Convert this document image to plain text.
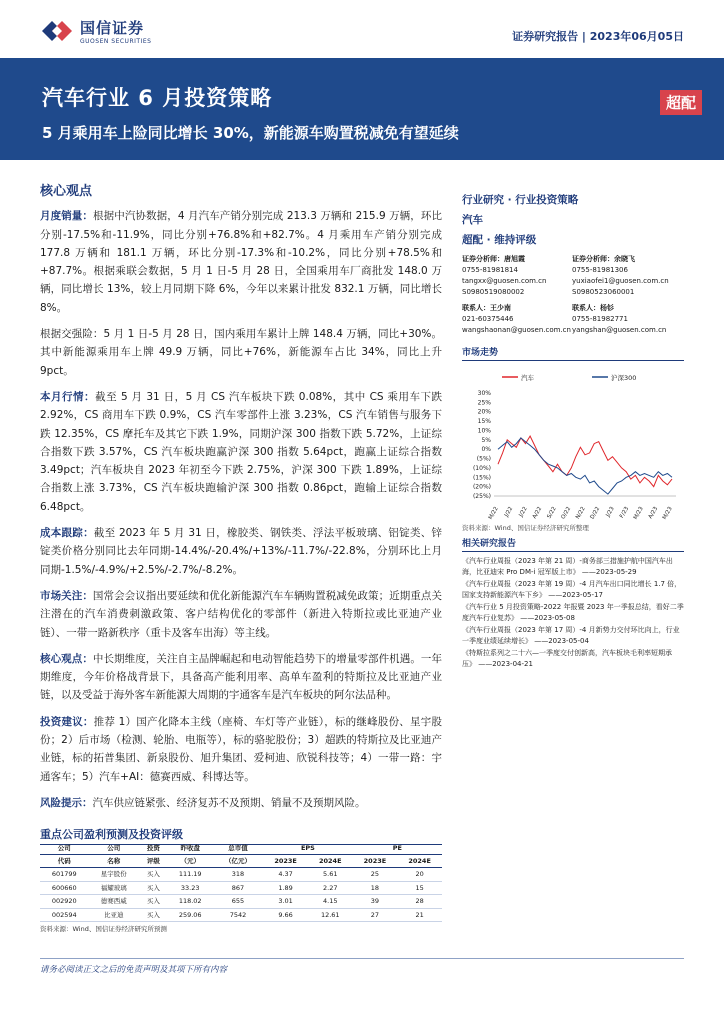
国信证券
GUOSEN SECURITIES	证券研究报告 | 2023年06月05日
汽车行业 6 月投资策略
5 月乘用车上险同比增长 30%，新能源车购置税减免有望延续
超配
核心观点
月度销量：根据中汽协数据，4 月汽车产销分别完成 213.3 万辆和 215.9 万辆，环比分别-17.5%和-11.9%，同比分别+76.8%和+82.7%。4 月乘用车产销分别完成 177.8 万辆和 181.1 万辆，环比分别-17.3%和-10.2%，同比分别+78.5%和+87.7%。根据乘联会数据，5 月 1 日-5 月 28 日，全国乘用车厂商批发 148.0 万辆，同比增长 13%，较上月同期下降 6%，今年以来累计批发 832.1 万辆，同比增长 8%。
根据交强险：5 月 1 日-5 月 28 日，国内乘用车累计上牌 148.4 万辆，同比+30%。其中新能源乘用车上牌 49.9 万辆，同比+76%，新能源车占比 34%，同比上升 9pct。
本月行情：截至 5 月 31 日，5 月 CS 汽车板块下跌 0.08%，其中 CS 乘用车下跌 2.92%，CS 商用车下跌 0.9%，CS 汽车零部件上涨 3.23%，CS 汽车销售与服务下跌 12.35%，CS 摩托车及其它下跌 1.9%，同期沪深 300 指数下跌 5.72%，上证综合指数下跌 3.57%，CS 汽车板块跑赢沪深 300 指数 5.64pct，跑赢上证综合指数 3.49pct；汽车板块自 2023 年初至今下跌 2.75%，沪深 300 下跌 1.89%，上证综合指数上涨 3.73%，CS 汽车板块跑输沪深 300 指数 0.86pct，跑输上证综合指数 6.48pct。
成本跟踪：截至 2023 年 5 月 31 日，橡胶类、钢铁类、浮法平板玻璃、铝锭类、锌锭类价格分别同比去年同期-14.4%/-20.4%/+13%/-11.7%/-22.8%，分别环比上月同期-1.5%/-4.9%/+2.5%/-2.7%/-8.2%。
市场关注：国常会会议指出要延续和优化新能源汽车车辆购置税减免政策；近期重点关注潜在的汽车消费刺激政策、客户结构优化的零部件（新进入特斯拉或比亚迪产业链）、一带一路新秩序（重卡及客车出海）等主线。
核心观点：中长期维度，关注自主品牌崛起和电动智能趋势下的增量零部件机遇。一年期维度，今年价格战背景下，具备高产能利用率、高单车盈利的特斯拉及比亚迪产业链，以及受益于海外客车新能源大周期的宇通客车是汽车板块的阿尔法品种。
投资建议：推荐 1）国产化降本主线（座椅、车灯等产业链），标的继峰股份、星宇股份；2）后市场（检测、轮胎、电瓶等），标的骆驼股份；3）超跌的特斯拉及比亚迪产业链，标的拓普集团、新泉股份、旭升集团、爱柯迪、欣锐科技等；4）一带一路：宇通客车；5）汽车+AI：德赛西威、科博达等。
风险提示：汽车供应链紧张、经济复苏不及预期、销量不及预期风险。
行业研究 · 行业投资策略
汽车
超配 · 维持评级
证券分析师：唐旭霞
0755-81981814
tangxx@guosen.com.cn
S0980519080002
证券分析师：余晓飞
0755-81981306
yuxiaofei1@guosen.com.cn
S0980523060001
联系人：王少南
021-60375446
wangshaonan@guosen.com.cn
联系人：杨钐
0755-81982771
yangshan@guosen.com.cn
市场走势
汽车	沪深300
30%
25%
20%
15%
10%
5%
0%
(5%)
(10%)
(15%)
(20%)
(25%)
M/22 J/22 J/22 A/22 S/22 O/22 N/22 D/22 J/23 F/23 M/23 A/23 M/23
资料来源：Wind、国信证券经济研究所整理
相关研究报告
《汽车行业周报（2023 年第 21 周）-商务部三措施护航中国汽车出海，比亚迪宋 Pro DM-i 冠军版上市》 ——2023-05-29
《汽车行业周报（2023 年第 19 周）-4 月汽车出口同比增长 1.7 倍，国家支持新能源汽车下乡》 ——2023-05-17
《汽车行业 5 月投资策略-2022 年报暨 2023 年一季报总结，看好二季度汽车行业复苏》 ——2023-05-08
《汽车行业周报（2023 年第 17 周）-4 月新势力交付环比向上，行业一季度业绩延续增长》 ——2023-05-04
《特斯拉系列之二十六—一季度交付创新高，汽车板块毛利率短期承压》 ——2023-04-21
重点公司盈利预测及投资评级
公司	公司	投资	昨收盘	总市值	EPS		PE	
代码	名称	评级	（元）	（亿元）	2023E	2024E	2023E	2024E
601799	星宇股份	买入	111.19	318	4.37	5.61	25	20
600660	福耀玻璃	买入	33.23	867	1.89	2.27	18	15
002920	德赛西威	买入	118.02	655	3.01	4.15	39	28
002594	比亚迪	买入	259.06	7542	9.66	12.61	27	21
资料来源：Wind、国信证券经济研究所预测
请务必阅读正文之后的免责声明及其项下所有内容
